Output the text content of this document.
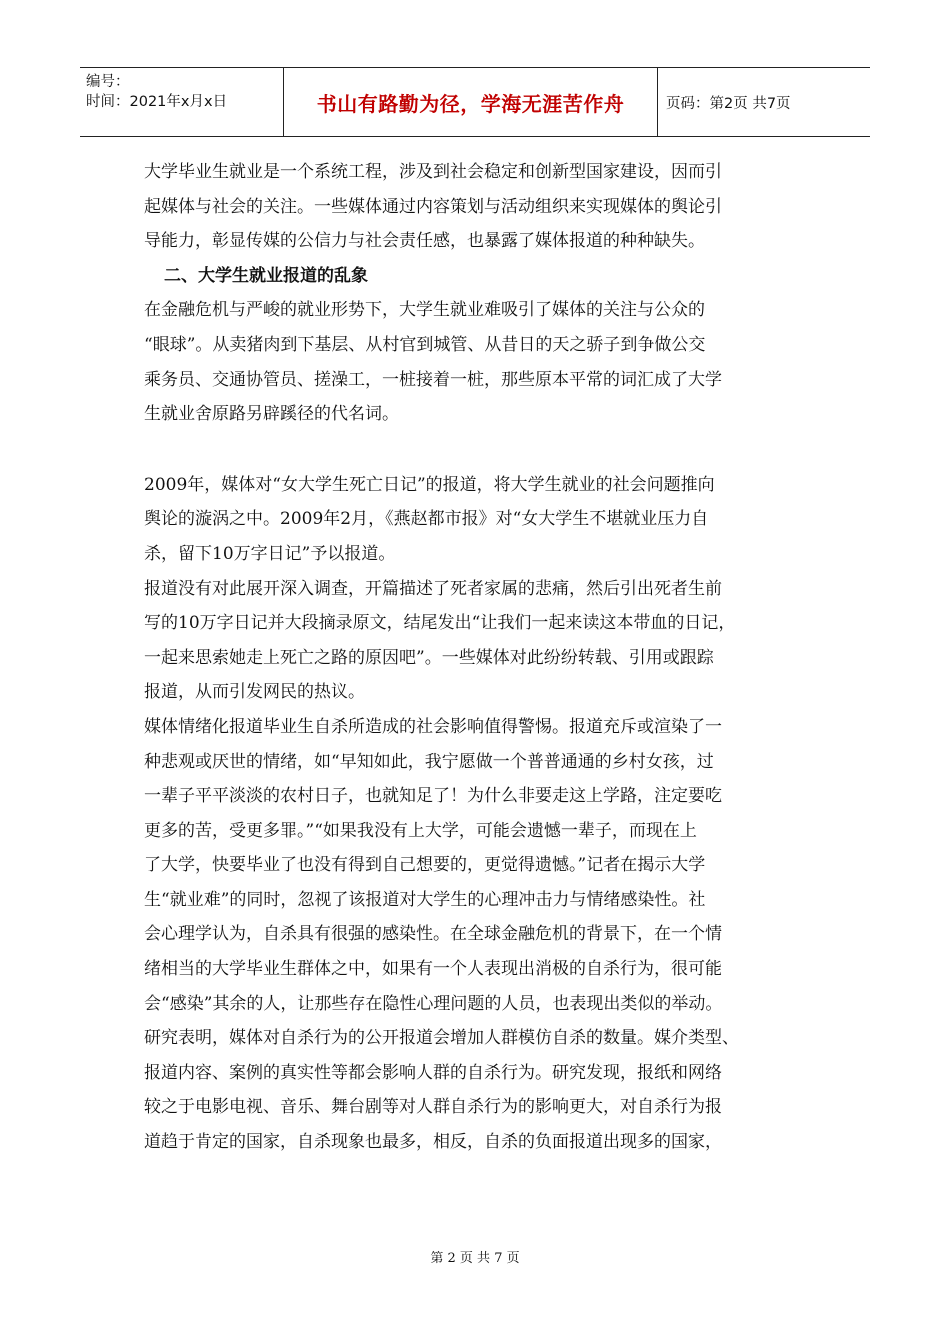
编号：
时间：2021年x月x日	书山有路勤为径，学海无涯苦作舟	页码：第2页 共7页
大学毕业生就业是一个系统工程，涉及到社会稳定和创新型国家建设，因而引
起媒体与社会的关注。一些媒体通过内容策划与活动组织来实现媒体的舆论引
导能力，彰显传媒的公信力与社会责任感，也暴露了媒体报道的种种缺失。
二、大学生就业报道的乱象
在金融危机与严峻的就业形势下，大学生就业难吸引了媒体的关注与公众的
“眼球”。从卖猪肉到下基层、从村官到城管、从昔日的天之骄子到争做公交
乘务员、交通协管员、搓澡工，一桩接着一桩，那些原本平常的词汇成了大学
生就业舍原路另辟蹊径的代名词。
2009年，媒体对“女大学生死亡日记”的报道，将大学生就业的社会问题推向
舆论的漩涡之中。2009年2月，《燕赵都市报》对“女大学生不堪就业压力自
杀，留下10万字日记”予以报道。
报道没有对此展开深入调查，开篇描述了死者家属的悲痛，然后引出死者生前
写的10万字日记并大段摘录原文，结尾发出“让我们一起来读这本带血的日记，
一起来思索她走上死亡之路的原因吧”。一些媒体对此纷纷转载、引用或跟踪
报道，从而引发网民的热议。
媒体情绪化报道毕业生自杀所造成的社会影响值得警惕。报道充斥或渲染了一
种悲观或厌世的情绪，如“早知如此，我宁愿做一个普普通通的乡村女孩，过
一辈子平平淡淡的农村日子，也就知足了！为什么非要走这上学路，注定要吃
更多的苦，受更多罪。”“如果我没有上大学，可能会遗憾一辈子，而现在上
了大学，快要毕业了也没有得到自己想要的，更觉得遗憾。”记者在揭示大学
生“就业难”的同时，忽视了该报道对大学生的心理冲击力与情绪感染性。社
会心理学认为，自杀具有很强的感染性。在全球金融危机的背景下，在一个情
绪相当的大学毕业生群体之中，如果有一个人表现出消极的自杀行为，很可能
会“感染”其余的人，让那些存在隐性心理问题的人员，也表现出类似的举动。
研究表明，媒体对自杀行为的公开报道会增加人群模仿自杀的数量。媒介类型、
报道内容、案例的真实性等都会影响人群的自杀行为。研究发现，报纸和网络
较之于电影电视、音乐、舞台剧等对人群自杀行为的影响更大，对自杀行为报
道趋于肯定的国家，自杀现象也最多，相反，自杀的负面报道出现多的国家，
第 2 页 共 7 页
